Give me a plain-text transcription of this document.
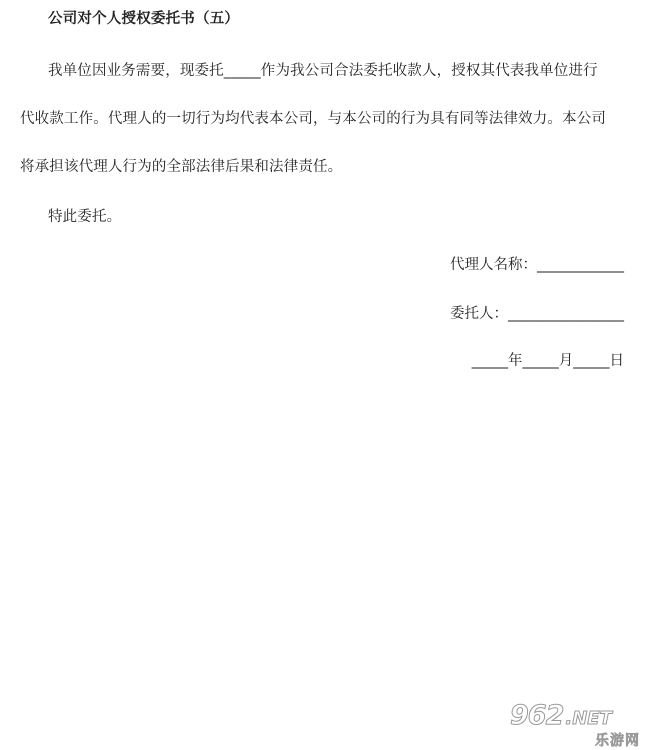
公司对个人授权委托书（五）
我单位因业务需要，现委托_____作为我公司合法委托收款人，授权其代表我单位进行
代收款工作。代理人的一切行为均代表本公司，与本公司的行为具有同等法律效力。本公司
将承担该代理人行为的全部法律后果和法律责任。
特此委托。
代理人名称：____________
委托人：________________
_____年_____月_____日
962 .NET
乐游网
